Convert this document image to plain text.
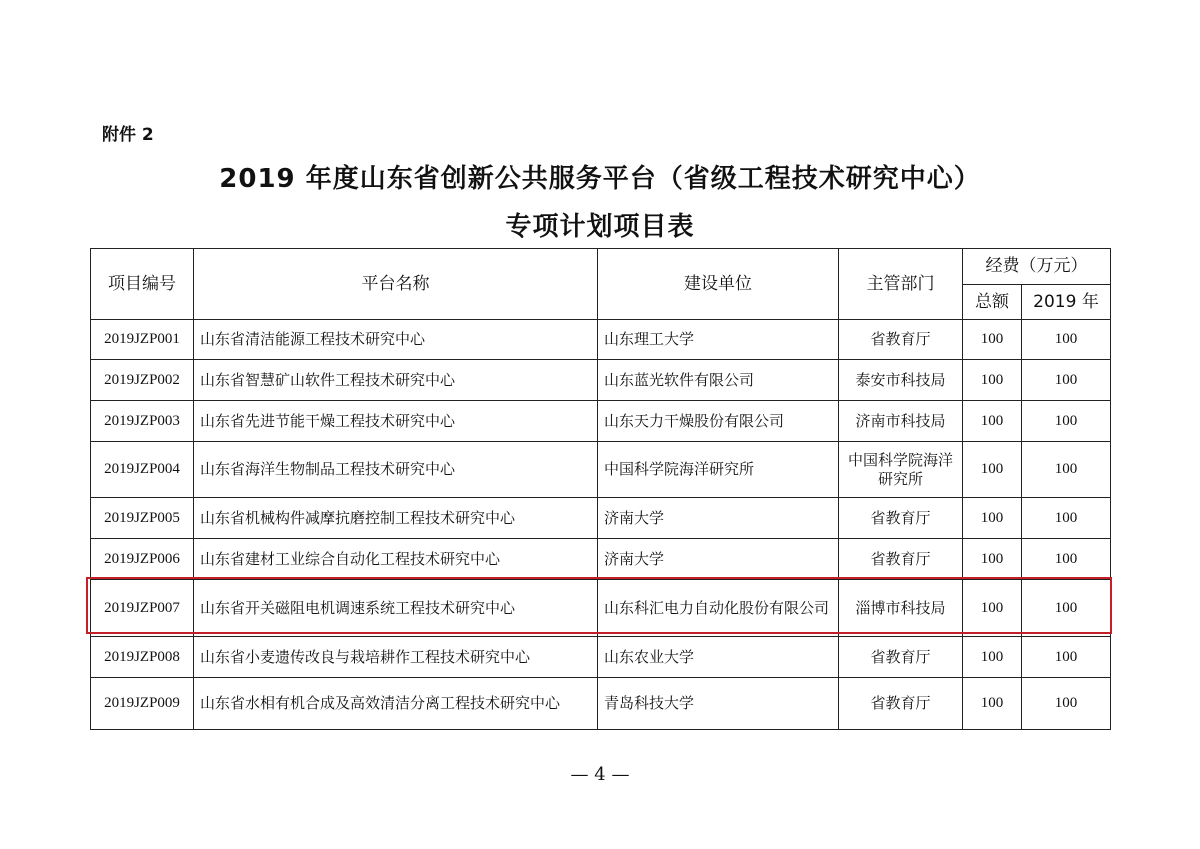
附件 2
2019 年度山东省创新公共服务平台（省级工程技术研究中心）
专项计划项目表
项目编号	平台名称	建设单位	主管部门	经费（万元）	
				总额	2019 年
2019JZP001	山东省清洁能源工程技术研究中心	山东理工大学	省教育厅	100	100
2019JZP002	山东省智慧矿山软件工程技术研究中心	山东蓝光软件有限公司	泰安市科技局	100	100
2019JZP003	山东省先进节能干燥工程技术研究中心	山东天力干燥股份有限公司	济南市科技局	100	100
2019JZP004	山东省海洋生物制品工程技术研究中心	中国科学院海洋研究所	中国科学院海洋研究所	100	100
2019JZP005	山东省机械构件减摩抗磨控制工程技术研究中心	济南大学	省教育厅	100	100
2019JZP006	山东省建材工业综合自动化工程技术研究中心	济南大学	省教育厅	100	100
2019JZP007	山东省开关磁阻电机调速系统工程技术研究中心	山东科汇电力自动化股份有限公司	淄博市科技局	100	100
2019JZP008	山东省小麦遗传改良与栽培耕作工程技术研究中心	山东农业大学	省教育厅	100	100
2019JZP009	山东省水相有机合成及高效清洁分离工程技术研究中心	青岛科技大学	省教育厅	100	100
— 4 —
